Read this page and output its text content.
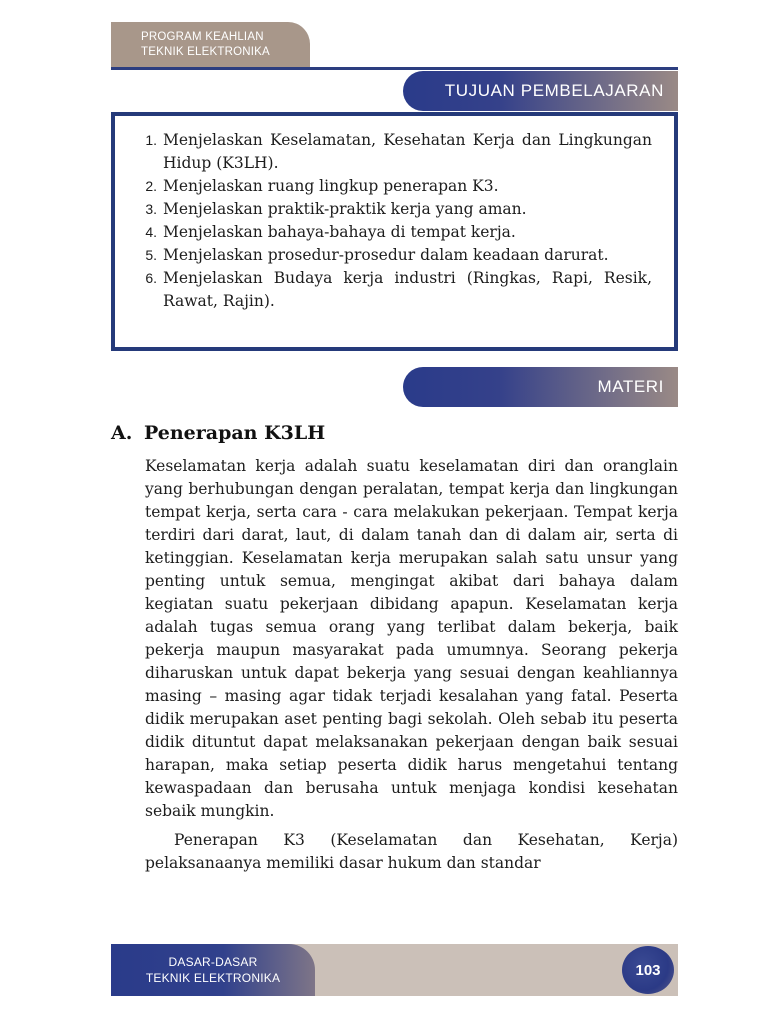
PROGRAM KEAHLIAN
TEKNIK ELEKTRONIKA
TUJUAN PEMBELAJARAN
1. Menjelaskan Keselamatan, Kesehatan Kerja dan Lingkungan Hidup (K3LH).
2. Menjelaskan ruang lingkup penerapan K3.
3. Menjelaskan praktik-praktik kerja yang aman.
4. Menjelaskan bahaya-bahaya di tempat kerja.
5. Menjelaskan prosedur-prosedur dalam keadaan darurat.
6. Menjelaskan Budaya kerja industri (Ringkas, Rapi, Resik, Rawat, Rajin).
MATERI
A. Penerapan K3LH

Keselamatan kerja adalah suatu keselamatan diri dan oranglain yang berhubungan dengan peralatan, tempat kerja dan lingkungan tempat kerja, serta cara - cara melakukan pekerjaan. Tempat kerja terdiri dari darat, laut, di dalam tanah dan di dalam air, serta di ketinggian. Keselamatan kerja merupakan salah satu unsur yang penting untuk semua, mengingat akibat dari bahaya dalam kegiatan suatu pekerjaan dibidang apapun. Keselamatan kerja adalah tugas semua orang yang terlibat dalam bekerja, baik pekerja maupun masyarakat pada umumnya. Seorang pekerja diharuskan untuk dapat bekerja yang sesuai dengan keahliannya masing – masing agar tidak terjadi kesalahan yang fatal. Peserta didik merupakan aset penting bagi sekolah. Oleh sebab itu peserta didik dituntut dapat melaksanakan pekerjaan dengan baik sesuai harapan, maka setiap peserta didik harus mengetahui tentang kewaspadaan dan berusaha untuk menjaga kondisi kesehatan sebaik mungkin.

Penerapan K3 (Keselamatan dan Kesehatan, Kerja) pelaksanaanya memiliki dasar hukum dan standar

DASAR-DASAR
TEKNIK ELEKTRONIKA	103
